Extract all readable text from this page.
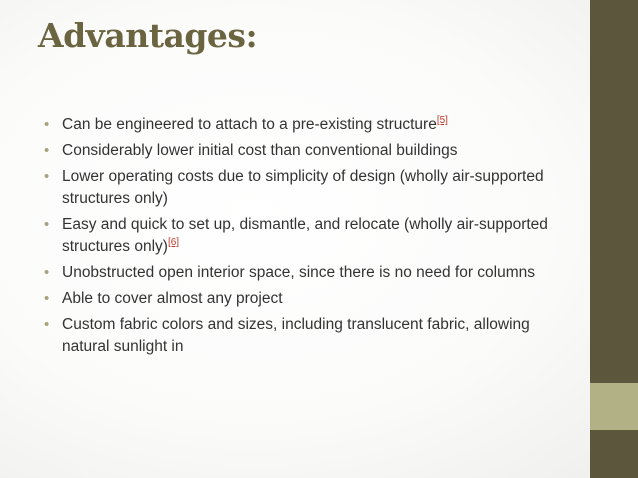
Advantages:
• Can be engineered to attach to a pre-existing structure[5]
• Considerably lower initial cost than conventional buildings
• Lower operating costs due to simplicity of design (wholly air-supported structures only)
• Easy and quick to set up, dismantle, and relocate (wholly air-supported structures only)[6]
• Unobstructed open interior space, since there is no need for columns
• Able to cover almost any project
• Custom fabric colors and sizes, including translucent fabric, allowing natural sunlight in
